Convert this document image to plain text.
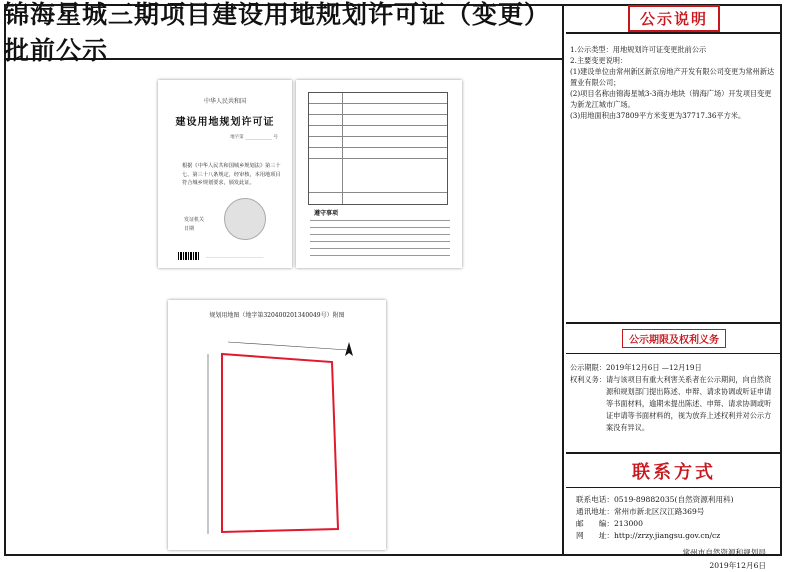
锦海星城三期项目建设用地规划许可证（变更）批前公示
中华人民共和国
建设用地规划许可证
地字第 ____________ 号
根据《中华人民共和国城乡规划法》第三十七、第三十八条规定，经审核，本用地项目符合城乡规划要求，颁发此证。
发证机关
日期
________________________________
遵守事项
规划用地图（地字第320400201340049号）附图
公示说明

1.公示类型：用地规划许可证变更批前公示

2.主要变更说明：

(1)建设单位由常州新区新京房地产开发有限公司变更为常州新达置业有限公司；

(2)项目名称由锦海星城3-3商办地块（锦海广场）开发项目变更为新龙江城市广场。

(3)用地面积由37809平方米变更为37717.36平方米。

公示期限及权利义务
公示期限： 2019年12月6日 —12月19日
权利义务： 请与该项目有重大利害关系者在公示期间，向自然资源和规划部门提出陈述、申辩、请求协调或听证申请等书面材料，逾期未提出陈述、申辩、请求协调或听证申请等书面材料的，视为放弃上述权利并对公示方案没有异议。
联系方式
联系电话：0519-89882035(自然资源利用科)
通讯地址：常州市新北区汉江路369号
邮　　编：213000
网　　址：http://zrzy.jiangsu.gov.cn/cz
常州市自然资源和规划局
2019年12月6日
